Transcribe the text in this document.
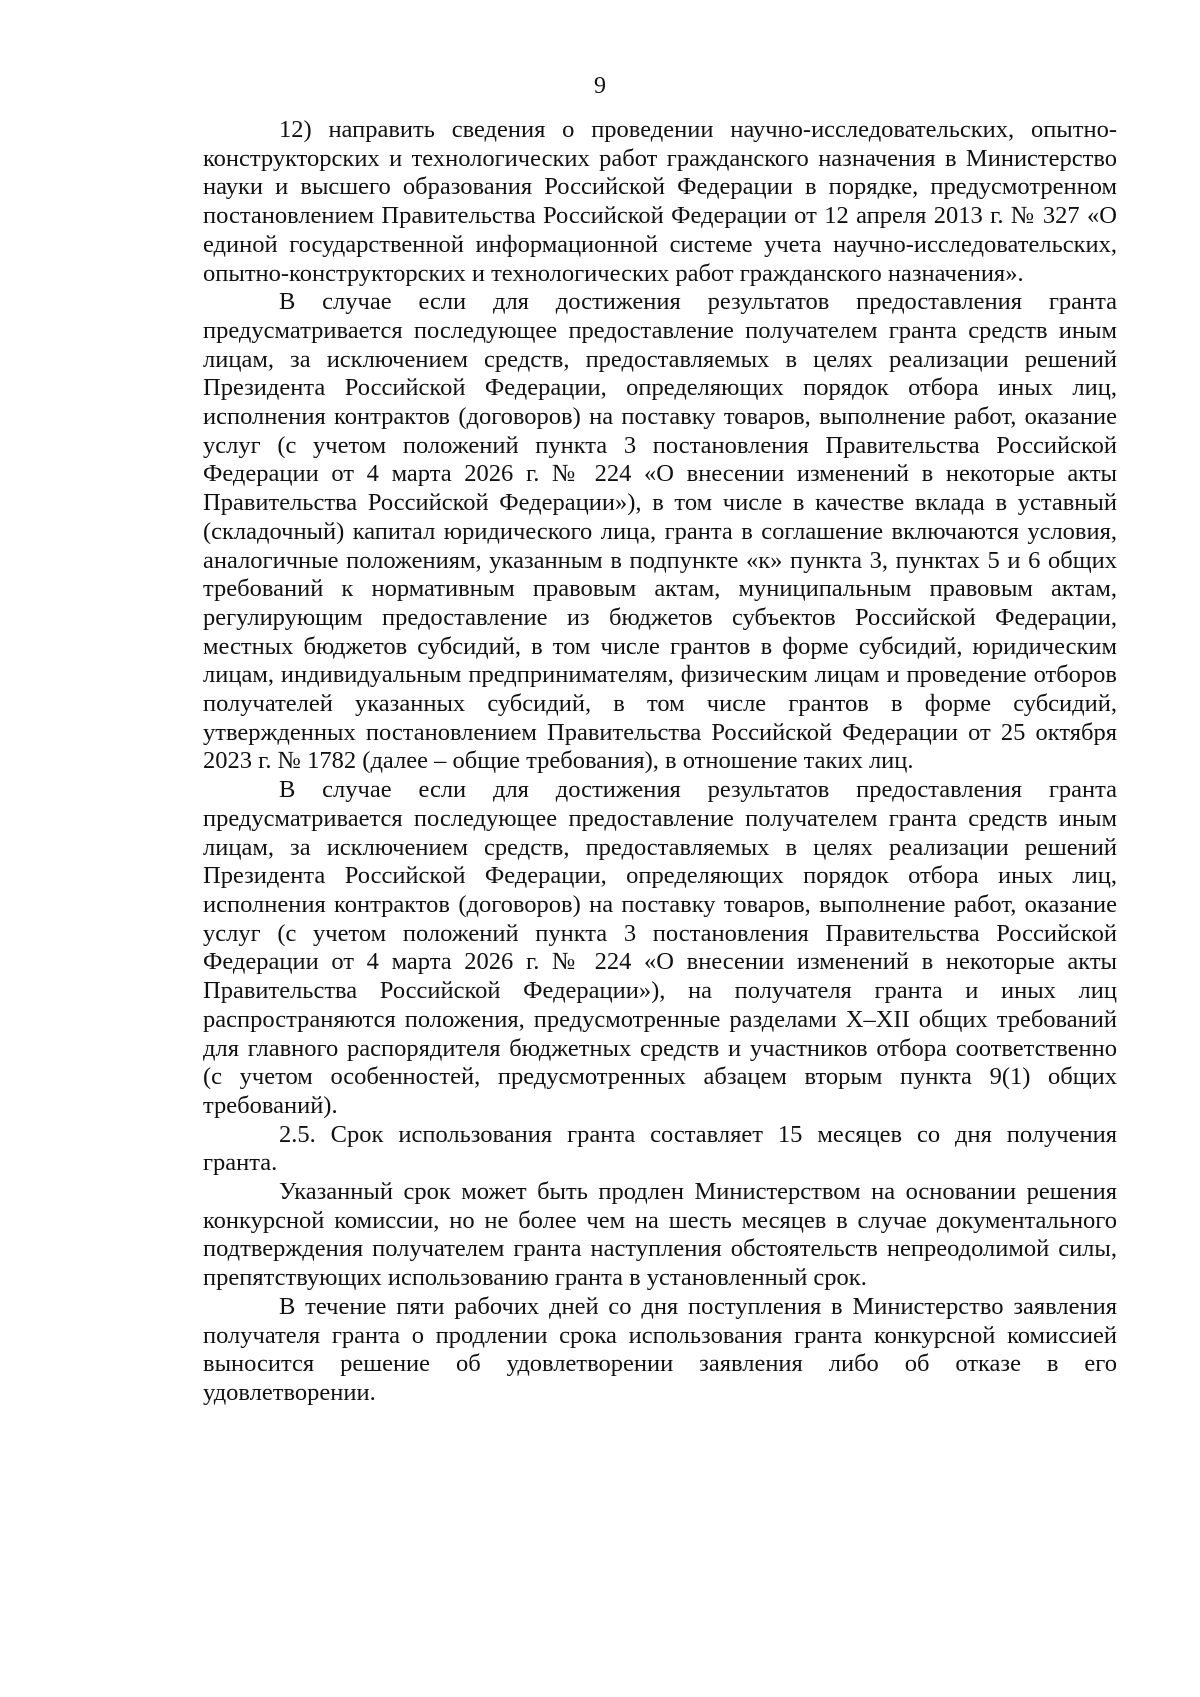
9

12) направить сведения о проведении научно-исследовательских, опытно-конструкторских и технологических работ гражданского назначения в Министерство науки и высшего образования Российской Федерации в порядке, предусмотренном постановлением Правительства Российской Федерации от 12 апреля 2013 г. № 327 «О единой государственной информационной системе учета научно-исследовательских, опытно-конструкторских и технологических работ гражданского назначения».

В случае если для достижения результатов предоставления гранта предусматривается последующее предоставление получателем гранта средств иным лицам, за исключением средств, предоставляемых в целях реализации решений Президента Российской Федерации, определяющих порядок отбора иных лиц, исполнения контрактов (договоров) на поставку товаров, выполнение работ, оказание услуг (с учетом положений пункта 3 постановления Правительства Российской Федерации от 4 марта 2026 г. № 224 «О внесении изменений в некоторые акты Правительства Российской Федерации»), в том числе в качестве вклада в уставный (складочный) капитал юридического лица, гранта в соглашение включаются условия, аналогичные положениям, указанным в подпункте «к» пункта 3, пунктах 5 и 6 общих требований к нормативным правовым актам, муниципальным правовым актам, регулирующим предоставление из бюджетов субъектов Российской Федерации, местных бюджетов субсидий, в том числе грантов в форме субсидий, юридическим лицам, индивидуальным предпринимателям, физическим лицам и проведение отборов получателей указанных субсидий, в том числе грантов в форме субсидий, утвержденных постановлением Правительства Российской Федерации от 25 октября 2023 г. № 1782 (далее – общие требования), в отношение таких лиц.

В случае если для достижения результатов предоставления гранта предусматривается последующее предоставление получателем гранта средств иным лицам, за исключением средств, предоставляемых в целях реализации решений Президента Российской Федерации, определяющих порядок отбора иных лиц, исполнения контрактов (договоров) на поставку товаров, выполнение работ, оказание услуг (с учетом положений пункта 3 постановления Правительства Российской Федерации от 4 марта 2026 г. № 224 «О внесении изменений в некоторые акты Правительства Российской Федерации»), на получателя гранта и иных лиц распространяются положения, предусмотренные разделами X–XII общих требований для главного распорядителя бюджетных средств и участников отбора соответственно (с учетом особенностей, предусмотренных абзацем вторым пункта 9(1) общих требований).

2.5. Срок использования гранта составляет 15 месяцев со дня получения гранта.

Указанный срок может быть продлен Министерством на основании решения конкурсной комиссии, но не более чем на шесть месяцев в случае документального подтверждения получателем гранта наступления обстоятельств непреодолимой силы, препятствующих использованию гранта в установленный срок.

В течение пяти рабочих дней со дня поступления в Министерство заявления получателя гранта о продлении срока использования гранта конкурсной комиссией выносится решение об удовлетворении заявления либо об отказе в его удовлетворении.
